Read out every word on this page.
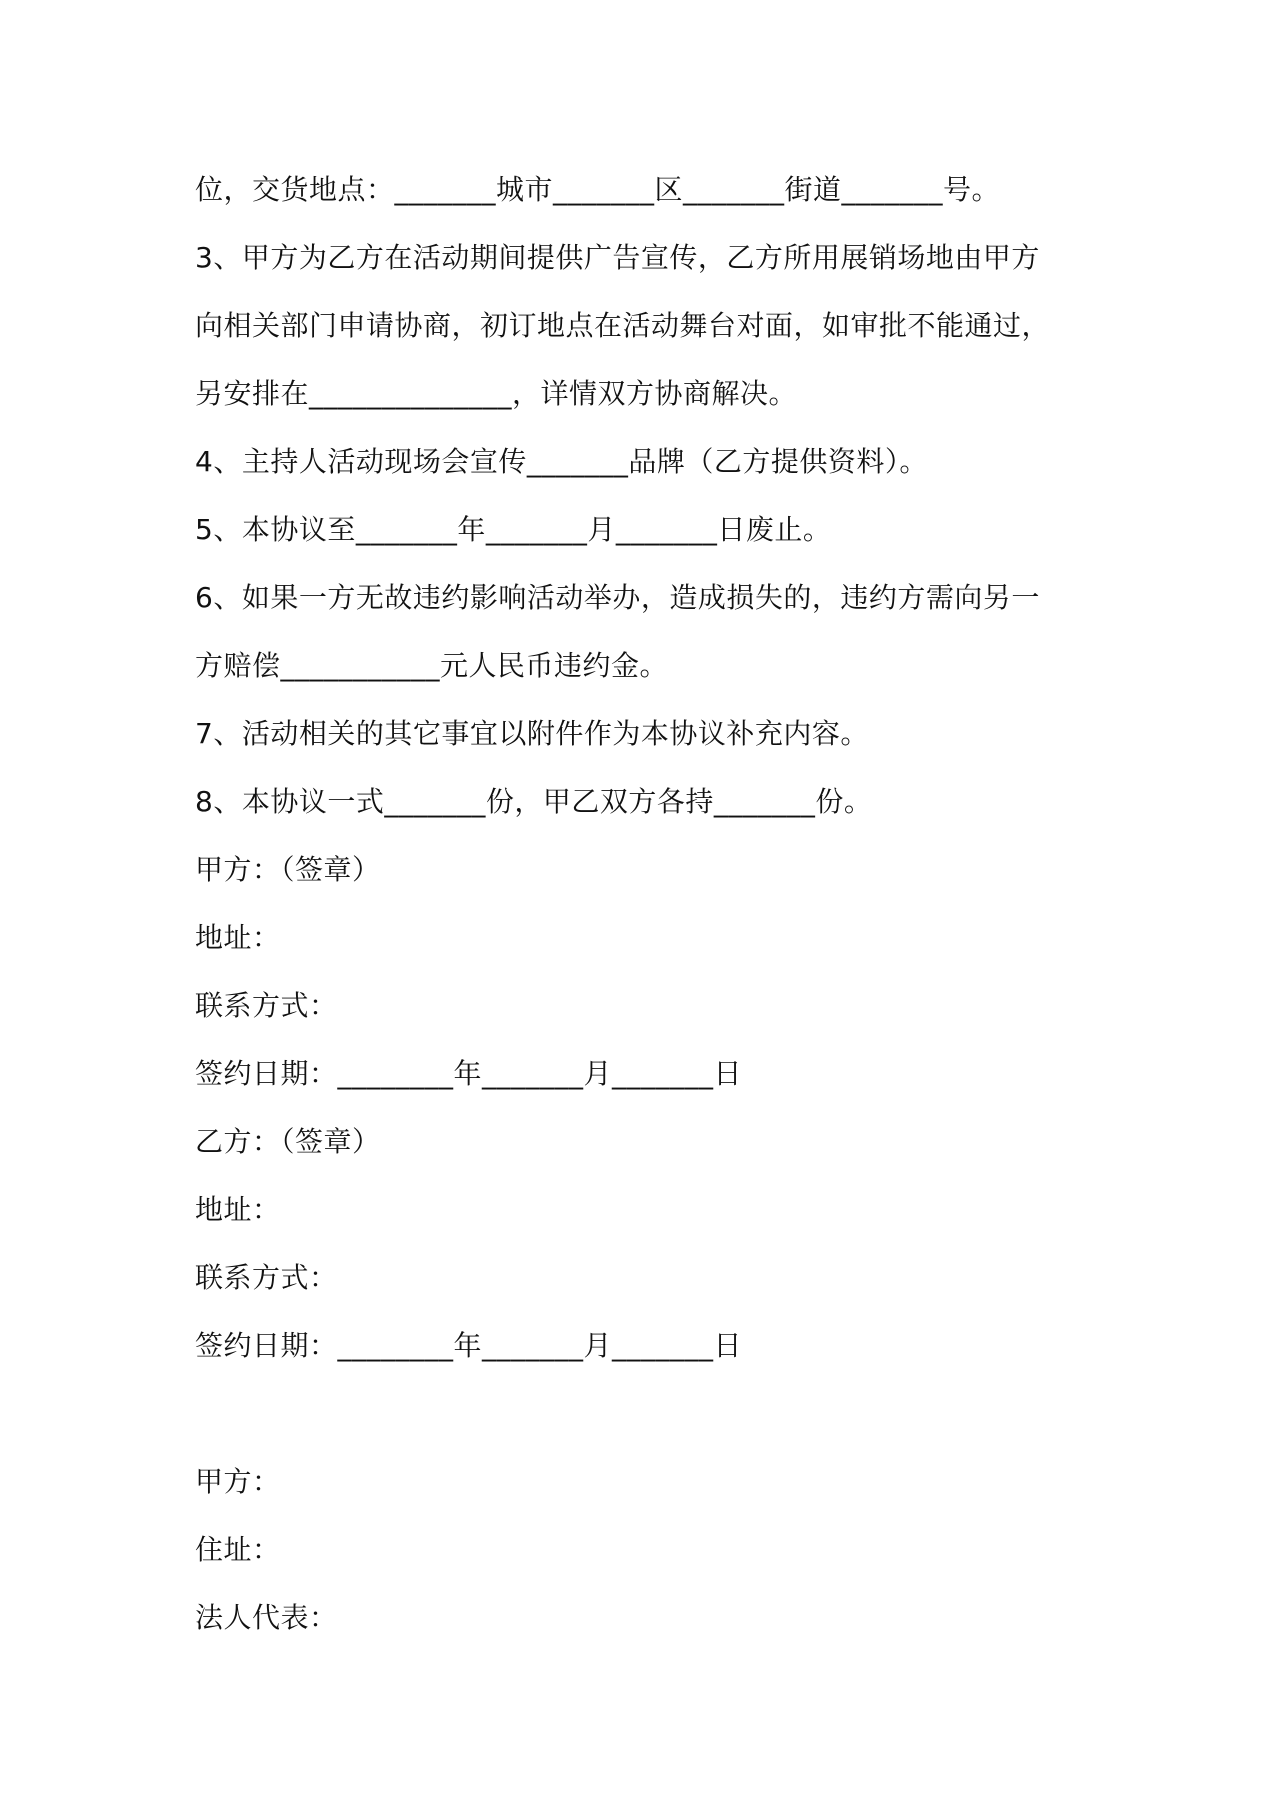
位，交货地点：_______城市_______区_______街道_______号。
3、甲方为乙方在活动期间提供广告宣传，乙方所用展销场地由甲方
向相关部门申请协商，初订地点在活动舞台对面，如审批不能通过，
另安排在______________，详情双方协商解决。
4、主持人活动现场会宣传_______品牌（乙方提供资料）。
5、本协议至_______年_______月_______日废止。
6、如果一方无故违约影响活动举办，造成损失的，违约方需向另一
方赔偿___________元人民币违约金。
7、活动相关的其它事宜以附件作为本协议补充内容。
8、本协议一式_______份，甲乙双方各持_______份。
甲方：（签章）
地址：
联系方式：
签约日期：________年_______月_______日
乙方：（签章）
地址：
联系方式：
签约日期：________年_______月_______日
甲方：
住址：
法人代表：
